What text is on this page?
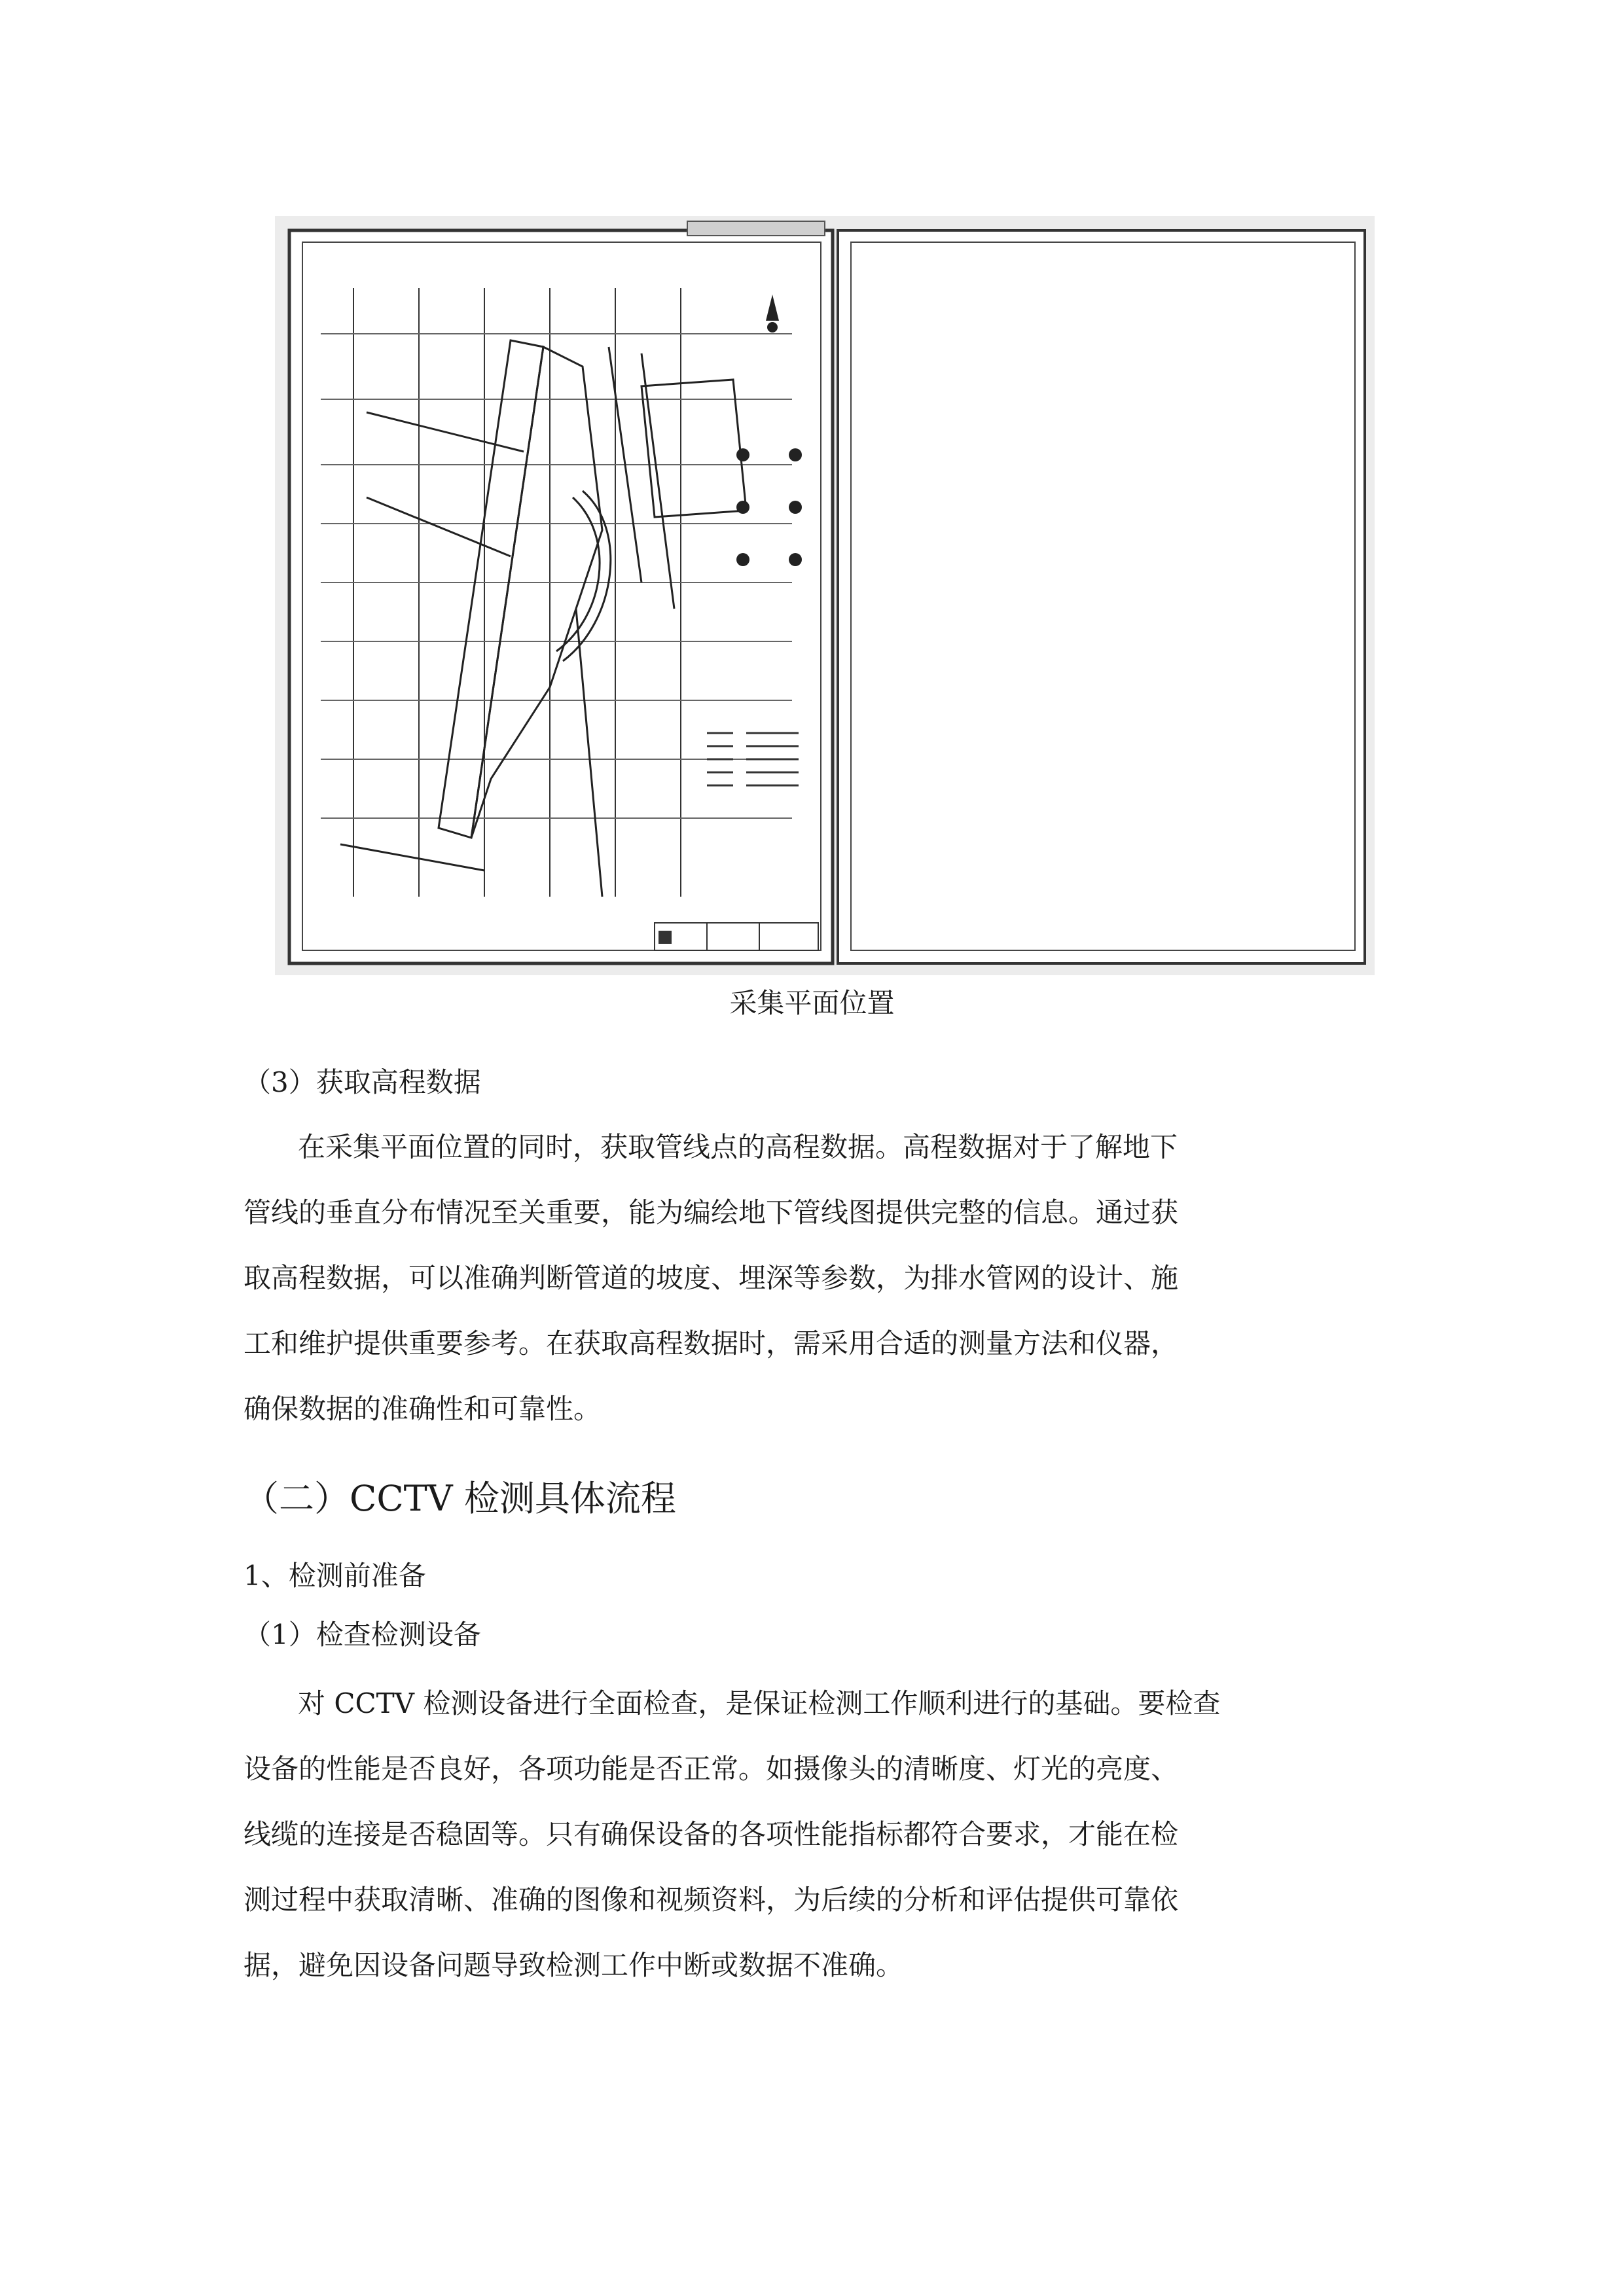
采集平面位置
（3）获取高程数据
在采集平面位置的同时，获取管线点的高程数据。高程数据对于了解地下
管线的垂直分布情况至关重要，能为编绘地下管线图提供完整的信息。通过获
取高程数据，可以准确判断管道的坡度、埋深等参数，为排水管网的设计、施
工和维护提供重要参考。在获取高程数据时，需采用合适的测量方法和仪器，
确保数据的准确性和可靠性。
（二）CCTV 检测具体流程
1、检测前准备
（1）检查检测设备
对 CCTV 检测设备进行全面检查，是保证检测工作顺利进行的基础。要检查
设备的性能是否良好，各项功能是否正常。如摄像头的清晰度、灯光的亮度、
线缆的连接是否稳固等。只有确保设备的各项性能指标都符合要求，才能在检
测过程中获取清晰、准确的图像和视频资料，为后续的分析和评估提供可靠依
据，避免因设备问题导致检测工作中断或数据不准确。
